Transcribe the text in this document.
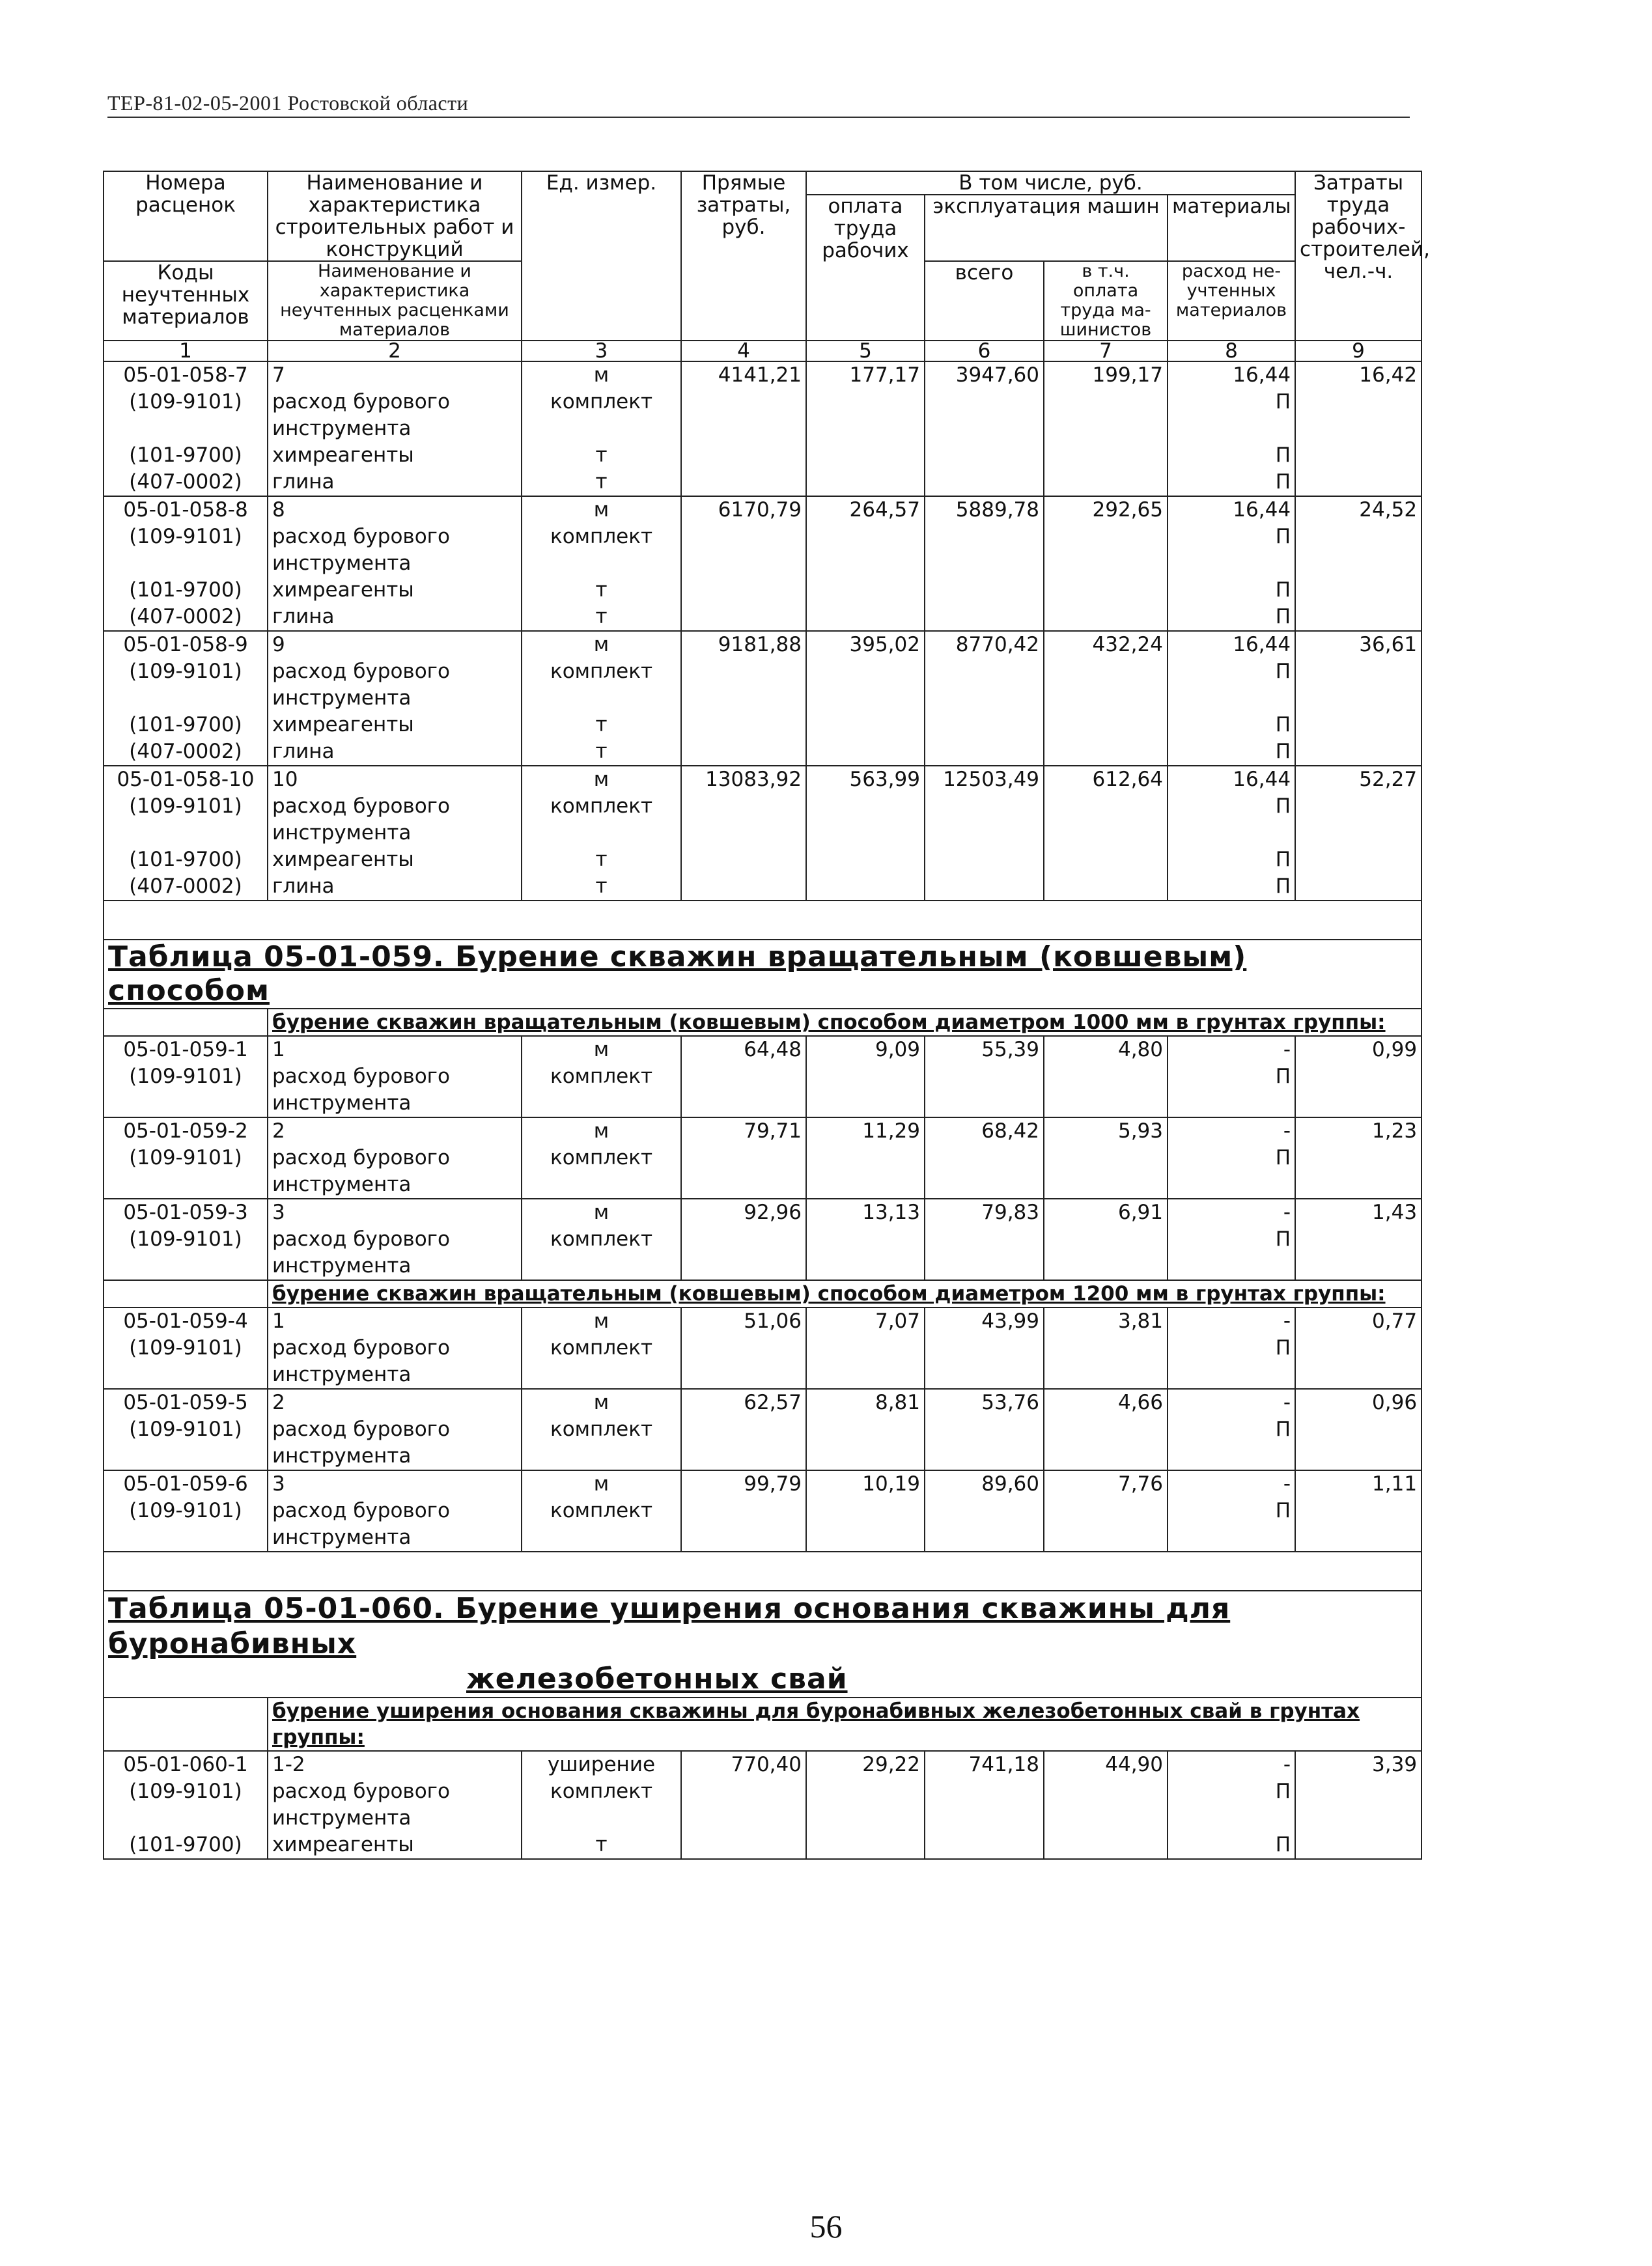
ТЕР-81-02-05-2001 Ростовской области
Номера расценок	Наименование и характеристика строительных работ и конструкций	Ед. измер.	Прямые затраты, руб.	В том числе, руб.				Затраты труда рабочих-строителей, чел.-ч.
				оплата труда рабочих	эксплуатация машин		материалы	
Коды неучтенных материалов	Наименование и характеристика неучтенных расценками материалов				всего	в т.ч. оплата труда ма-шинистов	расход не-учтенных материалов	

1	2	3	4	5	6	7	8	9
05-01-058-7	7	м	4141,21	177,17	3947,60	199,17	16,44	16,42
(109-9101)	расход бурового инструмента	комплект					П	
(101-9700)	химреагенты	т					П	
(407-0002)	глина	т					П	
05-01-058-8	8	м	6170,79	264,57	5889,78	292,65	16,44	24,52
(109-9101)	расход бурового инструмента	комплект					П	
(101-9700)	химреагенты	т					П	
(407-0002)	глина	т					П	
05-01-058-9	9	м	9181,88	395,02	8770,42	432,24	16,44	36,61
(109-9101)	расход бурового инструмента	комплект					П	
(101-9700)	химреагенты	т					П	
(407-0002)	глина	т					П	
05-01-058-10	10	м	13083,92	563,99	12503,49	612,64	16,44	52,27
(109-9101)	расход бурового инструмента	комплект					П	
(101-9700)	химреагенты	т					П	
(407-0002)	глина	т					П	

Таблица 05-01-059. Бурение скважин вращательным (ковшевым) способом								
	бурение скважин вращательным (ковшевым) способом диаметром 1000 мм в грунтах группы:							
05-01-059-1	1	м	64,48	9,09	55,39	4,80	-	0,99
(109-9101)	расход бурового инструмента	комплект					П	
05-01-059-2	2	м	79,71	11,29	68,42	5,93	-	1,23
(109-9101)	расход бурового инструмента	комплект					П	
05-01-059-3	3	м	92,96	13,13	79,83	6,91	-	1,43
(109-9101)	расход бурового инструмента	комплект					П	
	бурение скважин вращательным (ковшевым) способом диаметром 1200 мм в грунтах группы:							
05-01-059-4	1	м	51,06	7,07	43,99	3,81	-	0,77
(109-9101)	расход бурового инструмента	комплект					П	
05-01-059-5	2	м	62,57	8,81	53,76	4,66	-	0,96
(109-9101)	расход бурового инструмента	комплект					П	
05-01-059-6	3	м	99,79	10,19	89,60	7,76	-	1,11
(109-9101)	расход бурового инструмента	комплект					П	

Таблица 05-01-060. Бурение уширения основания скважины для буронабивных								

железобетонных свай								

	бурение уширения основания скважины для буронабивных железобетонных свай в грунтах группы:							
05-01-060-1	1-2	уширение	770,40	29,22	741,18	44,90	-	3,39
(109-9101)	расход бурового инструмента	комплект					П	
(101-9700)	химреагенты	т					П	
56
